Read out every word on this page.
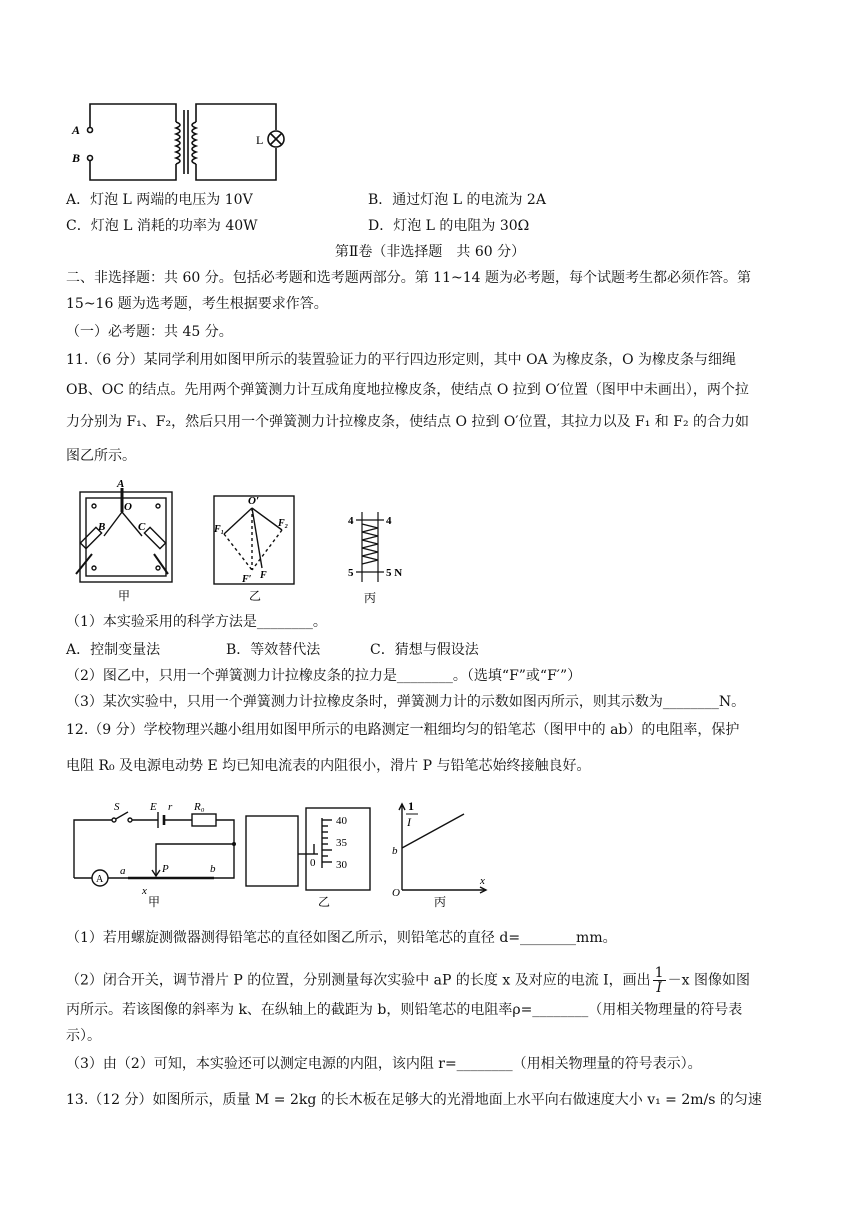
A
B
L
A．灯泡 L 两端的电压为 10V	B．通过灯泡 L 的电流为 2A
C．灯泡 L 消耗的功率为 40W	D．灯泡 L 的电阻为 30Ω
第Ⅱ卷（非选择题　共 60 分）
二、非选择题：共 60 分。包括必考题和选考题两部分。第 11~14 题为必考题，每个试题考生都必须作答。第
15~16 题为选考题，考生根据要求作答。
（一）必考题：共 45 分。
11.（6 分）某同学利用如图甲所示的装置验证力的平行四边形定则，其中 OA 为橡皮条，O 为橡皮条与细绳
OB、OC 的结点。先用两个弹簧测力计互成角度地拉橡皮条，使结点 O 拉到 O′位置（图甲中未画出），两个拉
力分别为 F₁、F₂，然后只用一个弹簧测力计拉橡皮条，使结点 O 拉到 O′位置，其拉力以及 F₁ 和 F₂ 的合力如
图乙所示。
A
O
B	C
甲
O′
F₁
F₂
F′ F
乙
4	4
5	5 N
丙
（1）本实验采用的科学方法是________。
A．控制变量法	B．等效替代法	C．猜想与假设法
（2）图乙中，只用一个弹簧测力计拉橡皮条的拉力是________。（选填“F”或“F′”）
（3）某次实验中，只用一个弹簧测力计拉橡皮条时，弹簧测力计的示数如图丙所示，则其示数为________N。
12.（9 分）学校物理兴趣小组用如图甲所示的电路测定一粗细均匀的铅笔芯（图甲中的 ab）的电阻率，保护
电阻 R₀ 及电源电动势 E 均已知电流表的内阻很小，滑片 P 与铅笔芯始终接触良好。
S	E r R₀
A
a	P	b
x
甲
40
35
0 30
乙
1
I
b
O
x
丙
（1）若用螺旋测微器测得铅笔芯的直径如图乙所示，则铅笔芯的直径 d=________mm。
（2）闭合开关，调节滑片 P 的位置，分别测量每次实验中 aP 的长度 x 及对应的电流 I，画出 $\frac{1}{I} -x$ 图像如图
丙所示。若该图像的斜率为 k、在纵轴上的截距为 b，则铅笔芯的电阻率ρ=________（用相关物理量的符号表
示）。
（3）由（2）可知，本实验还可以测定电源的内阻，该内阻 r=________（用相关物理量的符号表示）。
13.（12 分）如图所示，质量 M = 2kg 的长木板在足够大的光滑地面上水平向右做速度大小 v₁ = 2m/s 的匀速
